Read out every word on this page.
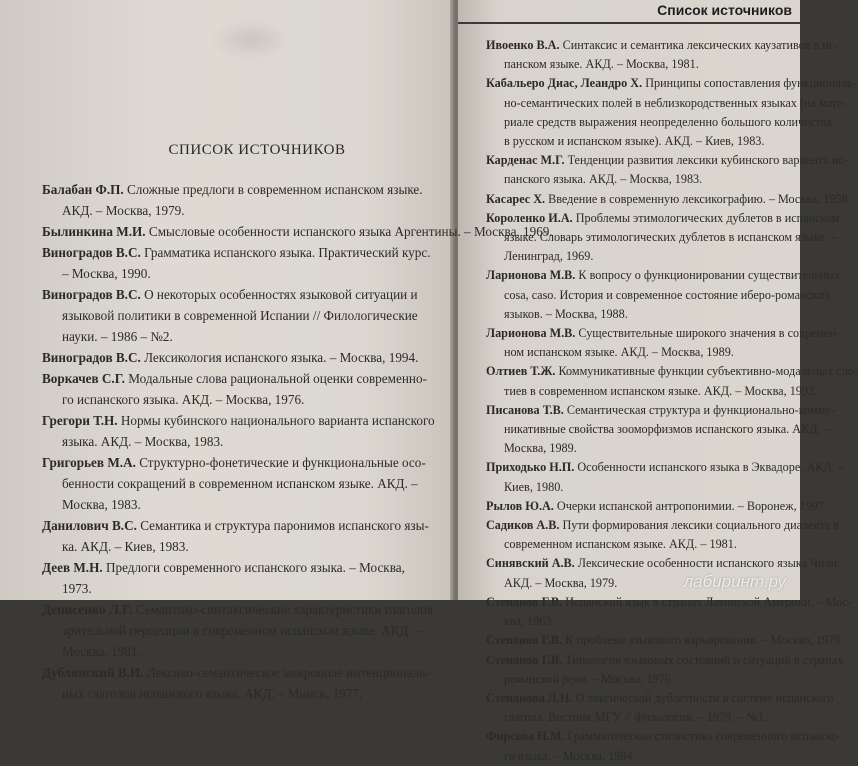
СПИСОК ИСТОЧНИКОВ
Балабан Ф.П. Сложные предлоги в современном испанском языке.
АКД. – Москва, 1979.
Былинкина М.И. Смысловые особенности испанского языка Аргентины. – Москва, 1969.
Виноградов В.С. Грамматика испанского языка. Практический курс.
– Москва, 1990.
Виноградов В.С. О некоторых особенностях языковой ситуации и
языковой политики в современной Испании // Филологические
науки. – 1986 – №2.
Виноградов В.С. Лексикология испанского языка. – Москва, 1994.
Воркачев С.Г. Модальные слова рациональной оценки современно-
го испанского языка. АКД. – Москва, 1976.
Грегори Т.Н. Нормы кубинского национального варианта испанского
языка. АКД. – Москва, 1983.
Григорьев М.А. Структурно-фонетические и функциональные осо-
бенности сокращений в современном испанском языке. АКД. –
Москва, 1983.
Данилович В.С. Семантика и структура паронимов испанского язы-
ка. АКД. – Киев, 1983.
Деев М.Н. Предлоги современного испанского языка. – Москва,
1973.
Денисенко Л.Г. Семантико-синтаксические характеристики глаголов
зрительной перцепции в современном испанском языке. АКД. –
Москва, 1981.
Дублянский В.И. Лексико-семантическое макрополе интенциональ-
ных глаголов испанского языка. АКД. – Минск, 1977.
Список источников
Ивоенко В.А. Синтаксис и семантика лексических каузативов в ис-
панском языке. АКД. – Москва, 1981.
Кабальеро Диас, Леандро Х. Принципы сопоставления функциональ-
но-семантических полей в неблизкородственных языках (на мате-
риале средств выражения неопределенно большого количества
в русском и испанском языке). АКД. – Киев, 1983.
Карденас М.Г. Тенденции развития лексики кубинского варианта ис-
панского языка. АКД. – Москва, 1983.
Касарес Х. Введение в современную лексикографию. – Москва, 1958.
Короленко И.А. Проблемы этимологических дублетов в испанском
языке. Словарь этимологических дублетов в испанском языке. –
Ленинград, 1969.
Ларионова М.В. К вопросу о функционировании существительных
cosa, caso. История и современное состояние иберо-романских
языков. – Москва, 1988.
Ларионова М.В. Существительные широкого значения в современ-
ном испанском языке. АКД. – Москва, 1989.
Олтиев Т.Ж. Коммуникативные функции субъективно-модальных сло-
тиев в современном испанском языке. АКД. – Москва, 1992.
Писанова Т.В. Семантическая структура и функционально-комму-
никативные свойства зооморфизмов испанского языка. АКД. –
Москва, 1989.
Приходько Н.П. Особенности испанского языка в Эквадоре. АКД. –
Киев, 1980.
Рылов Ю.А. Очерки испанской антропонимии. – Воронеж, 1997.
Садиков А.В. Пути формирования лексики социального диалекта в
современном испанском языке. АКД. – 1981.
Синявский А.В. Лексические особенности испанского языка Чили.
АКД. – Москва, 1979.
Степанов Г.В. Испанский язык в странах Латинской Америки. – Мос-
ква, 1963.
Степанов Г.В. К проблеме языкового варьирования. – Москва, 1979.
Степанов Г.В. Типология языковых состояний и ситуаций в странах
романской речи. – Москва, 1976.
Степанова Л.Н. О лексической дублетности в системе испанского
глагола. Вестник МГУ // Филология. – 1979. – №1.
Фирсова Н.М. Грамматическая стилистика современного испанско-
го языка. – Москва, 1984.
лабиринт.ру
